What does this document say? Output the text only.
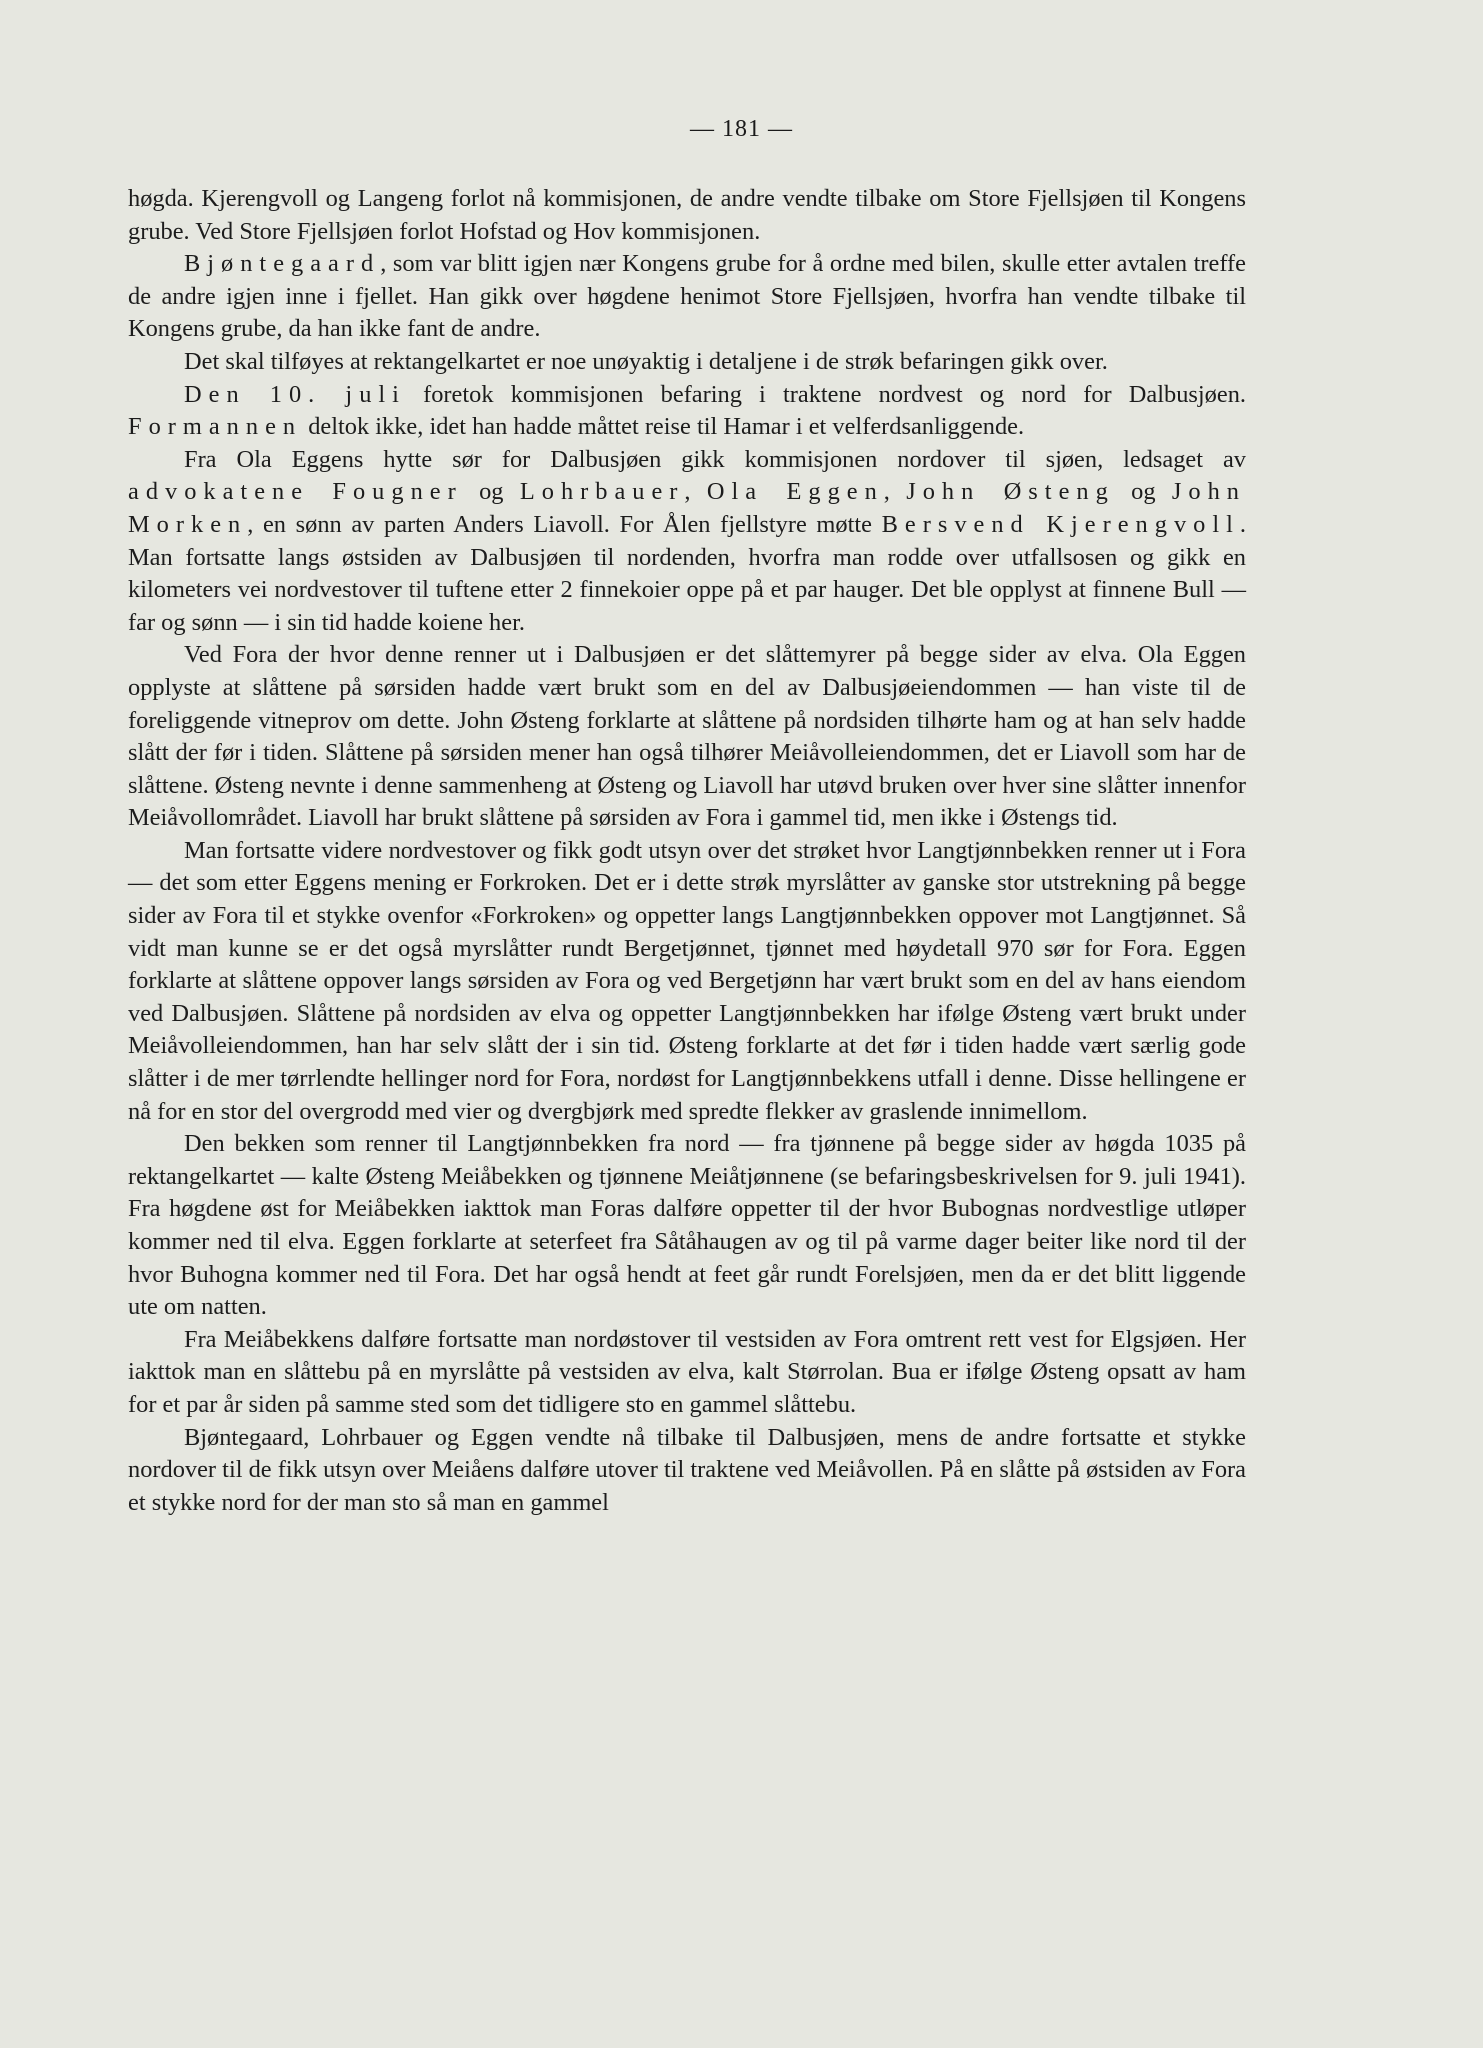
— 181 —

høgda. Kjerengvoll og Langeng forlot nå kommisjonen, de andre vendte tilbake om Store Fjellsjøen til Kongens grube. Ved Store Fjellsjøen forlot Hofstad og Hov kommisjonen.

Bjøntegaard, som var blitt igjen nær Kongens grube for å ordne med bilen, skulle etter avtalen treffe de andre igjen inne i fjellet. Han gikk over høgdene henimot Store Fjellsjøen, hvorfra han vendte tilbake til Kongens grube, da han ikke fant de andre.

Det skal tilføyes at rektangelkartet er noe unøyaktig i detaljene i de strøk befaringen gikk over.

Den 10. juli foretok kommisjonen befaring i traktene nordvest og nord for Dalbusjøen. Formannen deltok ikke, idet han hadde måttet reise til Hamar i et velferdsanliggende.

Fra Ola Eggens hytte sør for Dalbusjøen gikk kommisjonen nordover til sjøen, ledsaget av advokatene Fougner og Lohrbauer, Ola Eggen, John Østeng og John Morken, en sønn av parten Anders Liavoll. For Ålen fjellstyre møtte Bersvend Kjerengvoll. Man fortsatte langs østsiden av Dalbusjøen til nordenden, hvorfra man rodde over utfallsosen og gikk en kilometers vei nordvestover til tuftene etter 2 finnekoier oppe på et par hauger. Det ble opplyst at finnene Bull — far og sønn — i sin tid hadde koiene her.

Ved Fora der hvor denne renner ut i Dalbusjøen er det slåttemyrer på begge sider av elva. Ola Eggen opplyste at slåttene på sørsiden hadde vært brukt som en del av Dalbusjøeiendommen — han viste til de foreliggende vitneprov om dette. John Østeng forklarte at slåttene på nordsiden tilhørte ham og at han selv hadde slått der før i tiden. Slåttene på sørsiden mener han også tilhører Meiåvolleiendommen, det er Liavoll som har de slåttene. Østeng nevnte i denne sammenheng at Østeng og Liavoll har utøvd bruken over hver sine slåtter innenfor Meiåvollområdet. Liavoll har brukt slåttene på sørsiden av Fora i gammel tid, men ikke i Østengs tid.

Man fortsatte videre nordvestover og fikk godt utsyn over det strøket hvor Langtjønnbekken renner ut i Fora — det som etter Eggens mening er Forkroken. Det er i dette strøk myrslåtter av ganske stor utstrekning på begge sider av Fora til et stykke ovenfor «Forkroken» og oppetter langs Langtjønnbekken oppover mot Langtjønnet. Så vidt man kunne se er det også myrslåtter rundt Bergetjønnet, tjønnet med høydetall 970 sør for Fora. Eggen forklarte at slåttene oppover langs sørsiden av Fora og ved Bergetjønn har vært brukt som en del av hans eiendom ved Dalbusjøen. Slåttene på nordsiden av elva og oppetter Langtjønnbekken har ifølge Østeng vært brukt under Meiåvolleiendommen, han har selv slått der i sin tid. Østeng forklarte at det før i tiden hadde vært særlig gode slåtter i de mer tørrlendte hellinger nord for Fora, nordøst for Langtjønnbekkens utfall i denne. Disse hellingene er nå for en stor del overgrodd med vier og dvergbjørk med spredte flekker av graslende innimellom.

Den bekken som renner til Langtjønnbekken fra nord — fra tjønnene på begge sider av høgda 1035 på rektangelkartet — kalte Østeng Meiåbekken og tjønnene Meiåtjønnene (se befaringsbeskrivelsen for 9. juli 1941). Fra høgdene øst for Meiåbekken iakttok man Foras dalføre oppetter til der hvor Bubognas nordvestlige utløper kommer ned til elva. Eggen forklarte at seterfeet fra Såtåhaugen av og til på varme dager beiter like nord til der hvor Buhogna kommer ned til Fora. Det har også hendt at feet går rundt Forelsjøen, men da er det blitt liggende ute om natten.

Fra Meiåbekkens dalføre fortsatte man nordøstover til vestsiden av Fora omtrent rett vest for Elgsjøen. Her iakttok man en slåttebu på en myrslåtte på vestsiden av elva, kalt Størrolan. Bua er ifølge Østeng opsatt av ham for et par år siden på samme sted som det tidligere sto en gammel slåttebu.

Bjøntegaard, Lohrbauer og Eggen vendte nå tilbake til Dalbusjøen, mens de andre fortsatte et stykke nordover til de fikk utsyn over Meiåens dalføre utover til traktene ved Meiåvollen. På en slåtte på østsiden av Fora et stykke nord for der man sto så man en gammel
